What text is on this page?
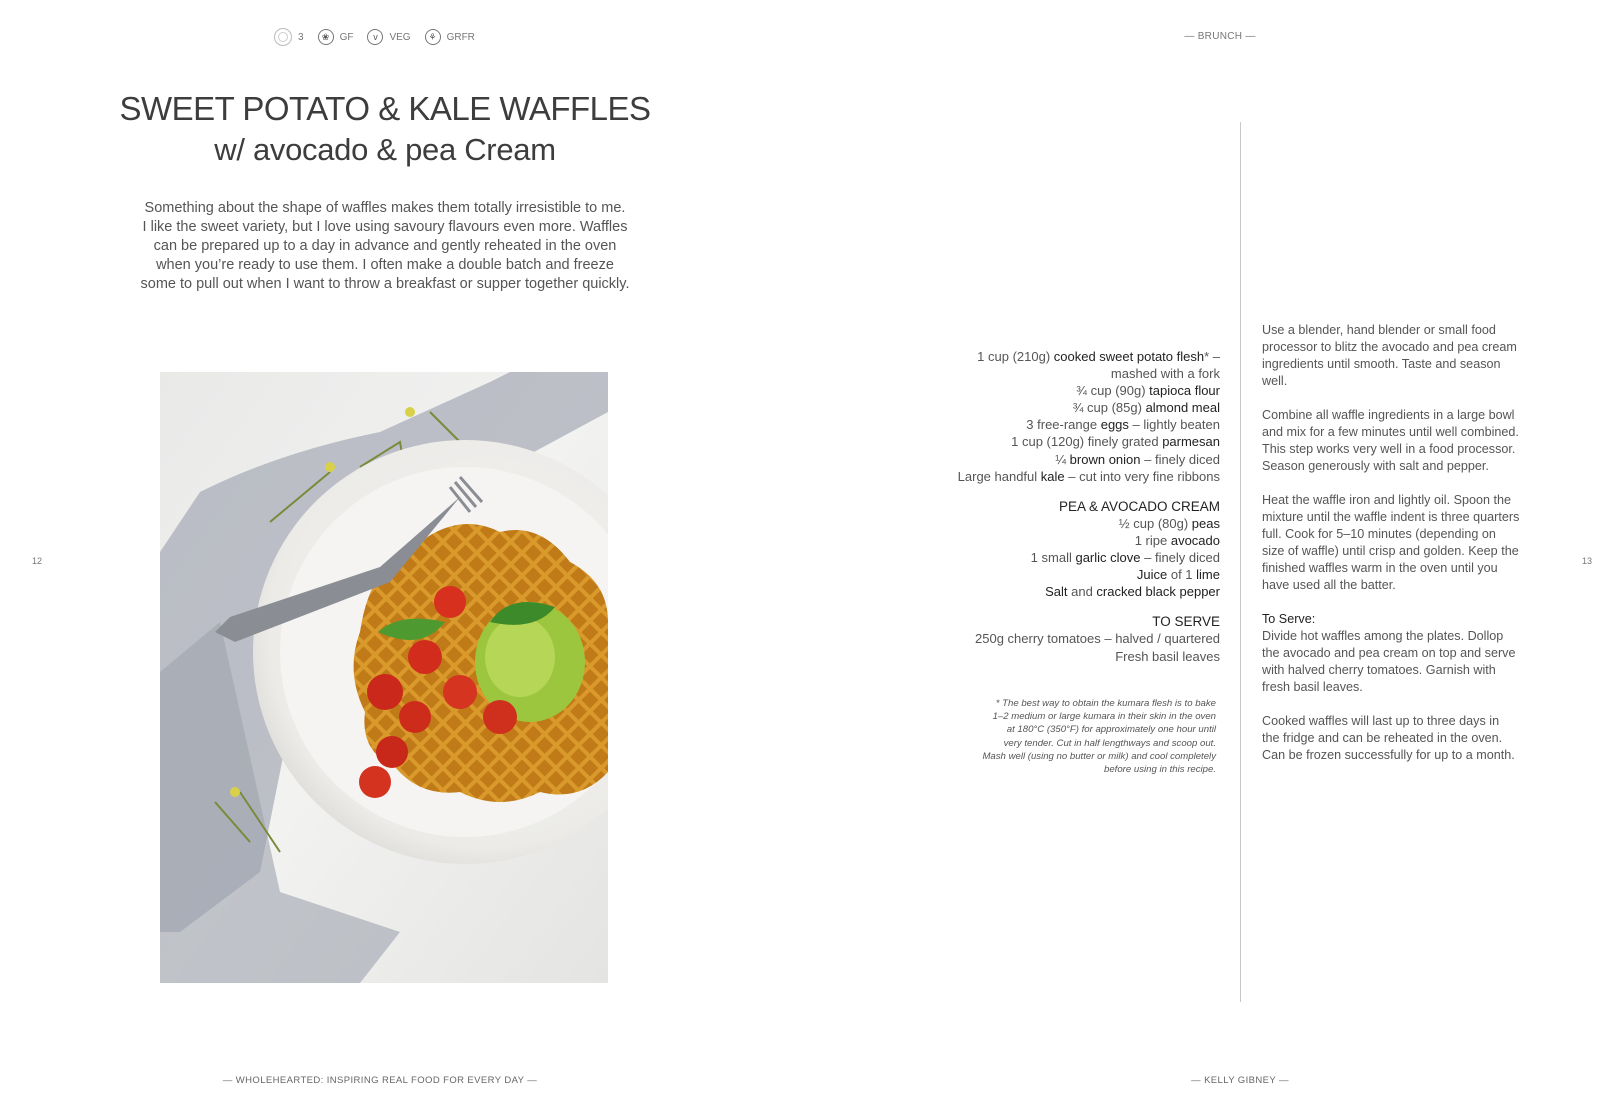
3	❀	GF	v	VEG	⚘ GRFR	— BRUNCH —
SWEET POTATO & KALE WAFFLES
w/ avocado & pea Cream
Something about the shape of waffles makes them totally irresistible to me.
I like the sweet variety, but I love using savoury flavours even more. Waffles
can be prepared up to a day in advance and gently reheated in the oven
when you’re ready to use them. I often make a double batch and freeze
some to pull out when I want to throw a breakfast or supper together quickly.
12	13
1 cup (210g) cooked sweet potato flesh* –
mashed with a fork
¾ cup (90g) tapioca flour
¾ cup (85g) almond meal
3 free-range eggs – lightly beaten
1 cup (120g) finely grated parmesan
¼ brown onion – finely diced
Large handful kale – cut into very fine ribbons
PEA & AVOCADO CREAM
½ cup (80g) peas
1 ripe avocado
1 small garlic clove – finely diced
Juice of 1 lime
Salt and cracked black pepper
TO SERVE
250g cherry tomatoes – halved / quartered
Fresh basil leaves
* The best way to obtain the kumara flesh is to bake
1–2 medium or large kumara in their skin in the oven
at 180°C (350°F) for approximately one hour until
very tender. Cut in half lengthways and scoop out.
Mash well (using no butter or milk) and cool completely
before using in this recipe.

Use a blender, hand blender or small food processor to blitz the avocado and pea cream ingredients until smooth. Taste and season well.

Combine all waffle ingredients in a large bowl and mix for a few minutes until well combined. This step works very well in a food processor. Season generously with salt and pepper.

Heat the waffle iron and lightly oil. Spoon the mixture until the waffle indent is three quarters full. Cook for 5–10 minutes (depending on size of waffle) until crisp and golden. Keep the finished waffles warm in the oven until you have used all the batter.

To Serve:

Divide hot waffles among the plates. Dollop the avocado and pea cream on top and serve with halved cherry tomatoes. Garnish with fresh basil leaves.

Cooked waffles will last up to three days in the fridge and can be reheated in the oven. Can be frozen successfully for up to a month.

— WHOLEHEARTED: INSPIRING REAL FOOD FOR EVERY DAY —	— KELLY GIBNEY —
